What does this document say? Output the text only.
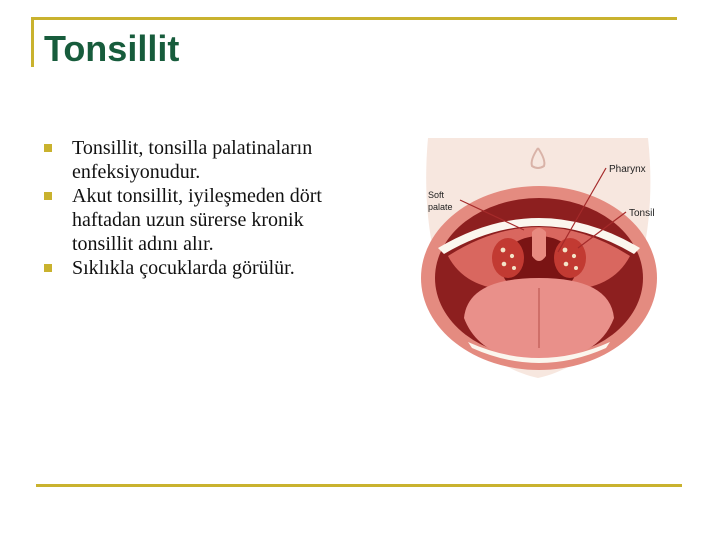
Tonsillit
Tonsillit, tonsilla palatinaların enfeksiyonudur.
Akut tonsillit, iyileşmeden dört haftadan uzun sürerse kronik tonsillit adını alır.
Sıklıkla çocuklarda görülür.
Pharynx
Soft
palate
Tonsil
